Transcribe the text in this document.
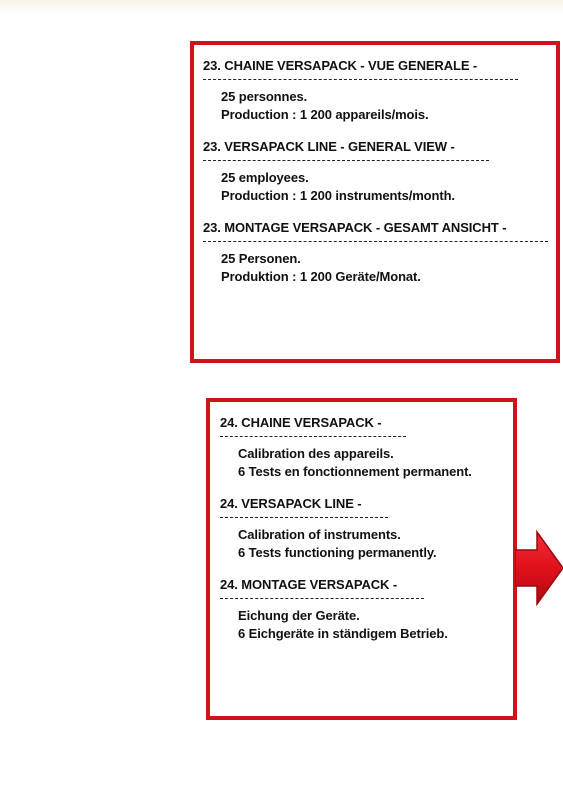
23. CHAINE VERSAPACK - VUE GENERALE -
25 personnes.
Production : 1 200 appareils/mois.
23. VERSAPACK LINE - GENERAL VIEW -
25 employees.
Production : 1 200 instruments/month.
23. MONTAGE VERSAPACK - GESAMT ANSICHT -
25 Personen.
Produktion : 1 200 Geräte/Monat.
24. CHAINE VERSAPACK -
Calibration des appareils.
6 Tests en fonctionnement permanent.
24. VERSAPACK LINE -
Calibration of instruments.
6 Tests functioning permanently.
24. MONTAGE VERSAPACK -
Eichung der Geräte.
6 Eichgeräte in ständigem Betrieb.
